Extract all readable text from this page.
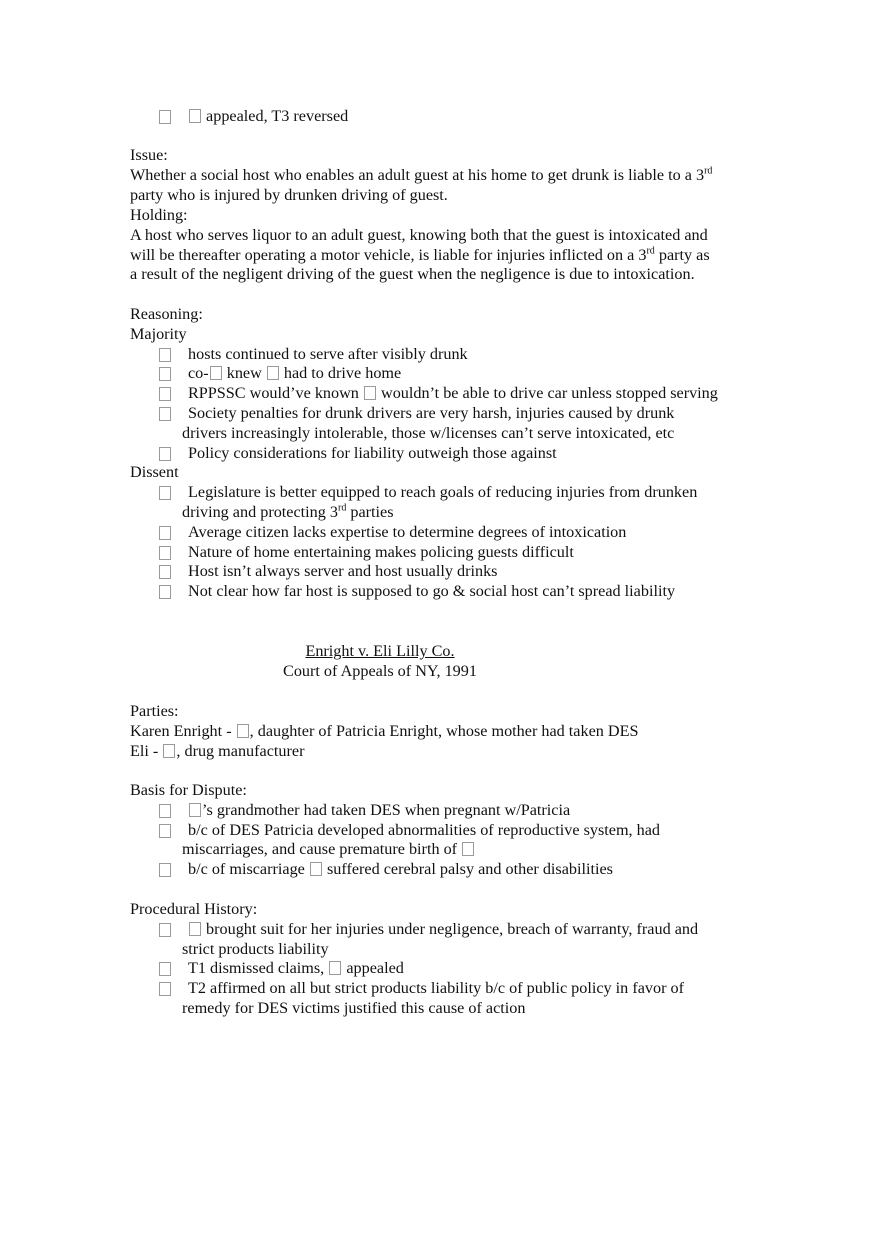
appealed, T3 reversed
Issue:
Whether a social host who enables an adult guest at his home to get drunk is liable to a 3rd
party who is injured by drunken driving of guest.
Holding:
A host who serves liquor to an adult guest, knowing both that the guest is intoxicated and
will be thereafter operating a motor vehicle, is liable for injuries inflicted on a 3rd party as
a result of the negligent driving of the guest when the negligence is due to intoxication.
Reasoning:
Majority
hosts continued to serve after visibly drunk
co- knew  had to drive home
RPPSSC would’ve known  wouldn’t be able to drive car unless stopped serving
Society penalties for drunk drivers are very harsh, injuries caused by drunk
drivers increasingly intolerable, those w/licenses can’t serve intoxicated, etc
Policy considerations for liability outweigh those against
Dissent
Legislature is better equipped to reach goals of reducing injuries from drunken
driving and protecting 3rd parties
Average citizen lacks expertise to determine degrees of intoxication
Nature of home entertaining makes policing guests difficult
Host isn’t always server and host usually drinks
Not clear how far host is supposed to go & social host can’t spread liability
Enright v. Eli Lilly Co.
Court of Appeals of NY, 1991
Parties:
Karen Enright - , daughter of Patricia Enright, whose mother had taken DES
Eli - , drug manufacturer
Basis for Dispute:
’s grandmother had taken DES when pregnant w/Patricia
b/c of DES Patricia developed abnormalities of reproductive system, had
miscarriages, and cause premature birth of
b/c of miscarriage  suffered cerebral palsy and other disabilities
Procedural History:
brought suit for her injuries under negligence, breach of warranty, fraud and
strict products liability
T1 dismissed claims,  appealed
T2 affirmed on all but strict products liability b/c of public policy in favor of
remedy for DES victims justified this cause of action
